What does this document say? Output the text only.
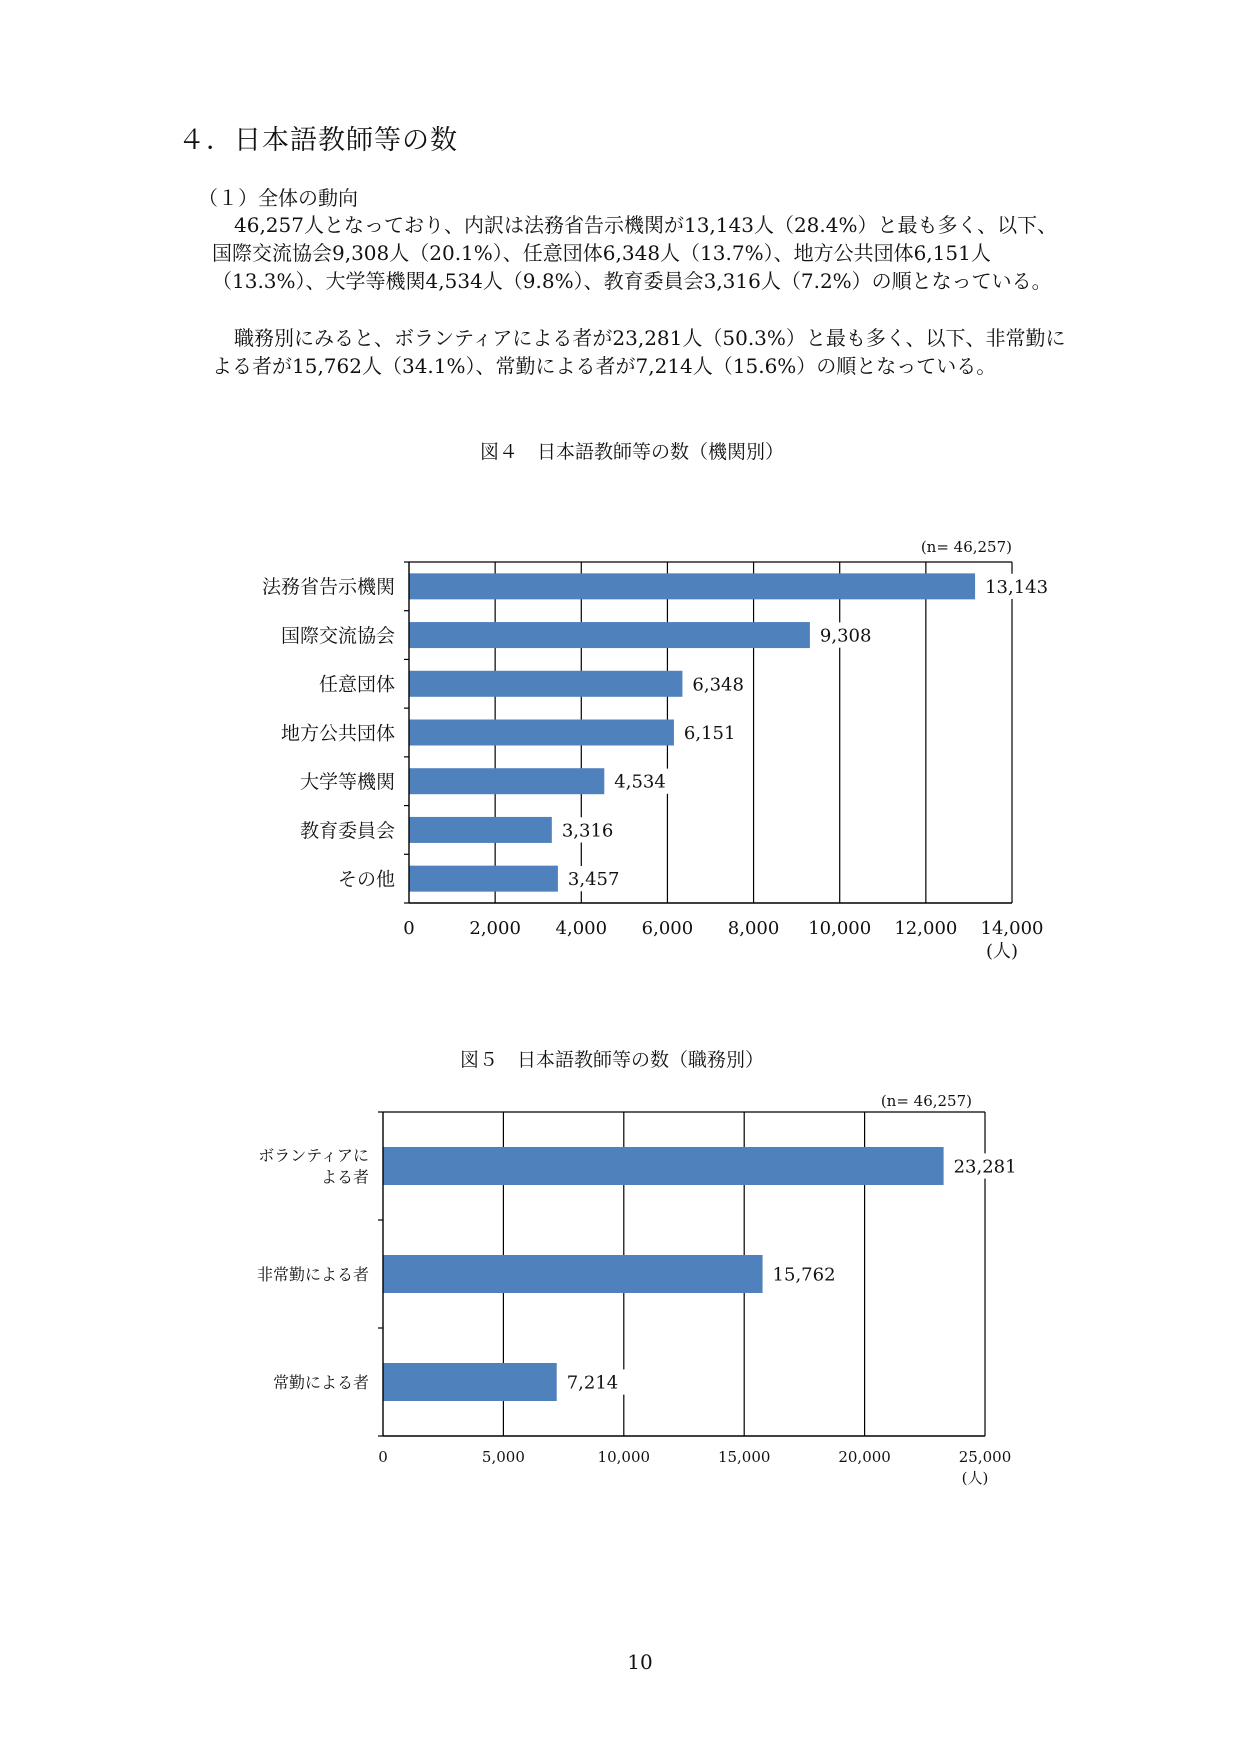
４．日本語教師等の数
（１）全体の動向
46,257人となっており、内訳は法務省告示機関が13,143人（28.4%）と最も多く、以下、国際交流協会9,308人（20.1%）、任意団体6,348人（13.7%）、地方公共団体6,151人（13.3%）、大学等機関4,534人（9.8%）、教育委員会3,316人（7.2%）の順となっている。
職務別にみると、ボランティアによる者が23,281人（50.3%）と最も多く、以下、非常勤による者が15,762人（34.1%）、常勤による者が7,214人（15.6%）の順となっている。
図４　日本語教師等の数（機関別）
図５　日本語教師等の数（職務別）
13,143
法務省告示機関
9,308
国際交流協会
6,348
任意団体
6,151
地方公共団体
4,534
大学等機関
3,316
教育委員会
3,457
その他
0	2,000 4,000 6,000 8,000 10,000 12,000 14,000
(人)
(n= 46,257)
23,281
ボランティアに
よる者
15,762
非常勤による者
7,214
常勤による者
0	5,000	10,000	15,000	20,000	25,000
(人)
(n= 46,257)
10
